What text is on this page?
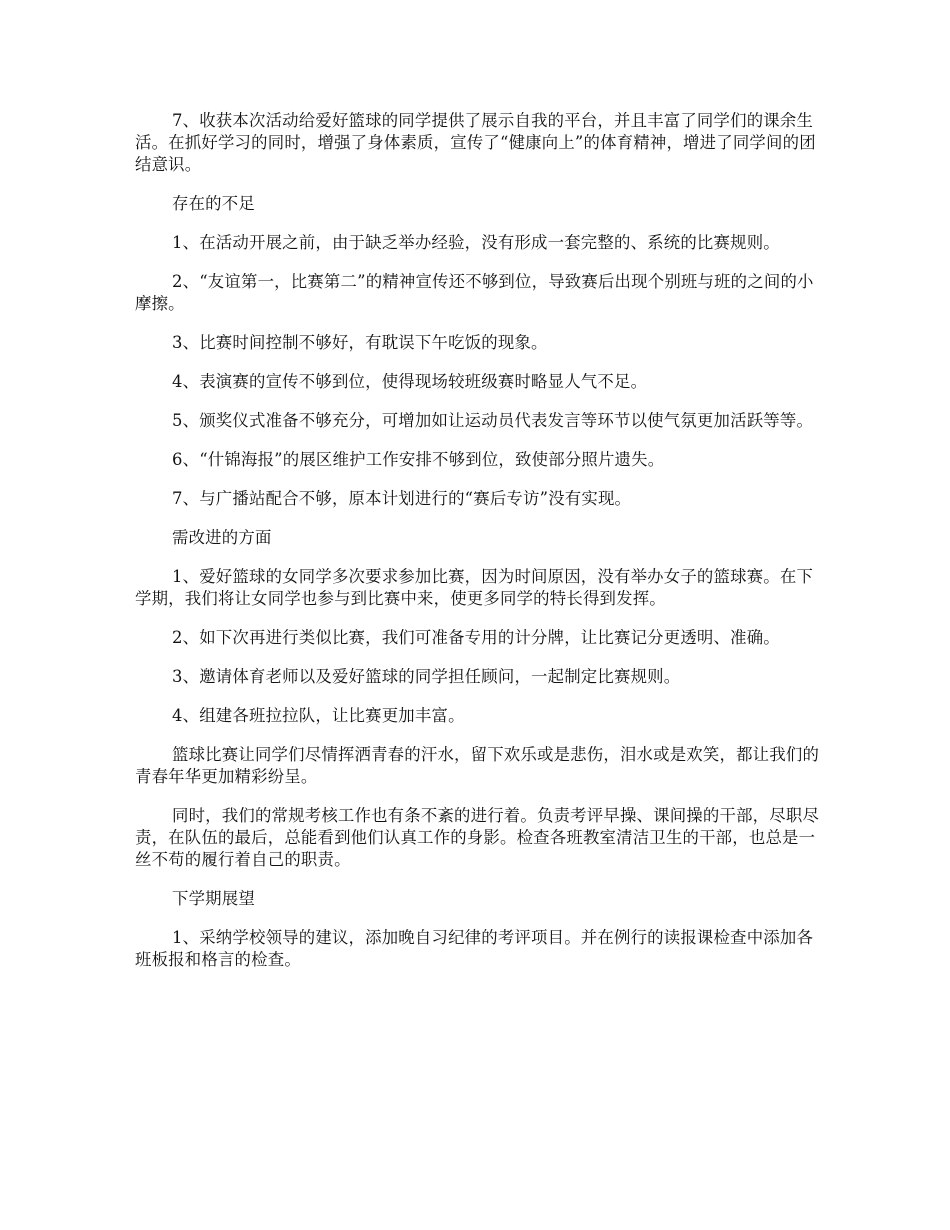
7、收获本次活动给爱好篮球的同学提供了展示自我的平台，并且丰富了同学们的课余生活。在抓好学习的同时，增强了身体素质，宣传了“健康向上”的体育精神，增进了同学间的团结意识。

存在的不足

1、在活动开展之前，由于缺乏举办经验，没有形成一套完整的、系统的比赛规则。

2、“友谊第一，比赛第二”的精神宣传还不够到位，导致赛后出现个别班与班的之间的小摩擦。

3、比赛时间控制不够好，有耽误下午吃饭的现象。

4、表演赛的宣传不够到位，使得现场较班级赛时略显人气不足。

5、颁奖仪式准备不够充分，可增加如让运动员代表发言等环节以使气氛更加活跃等等。

6、“什锦海报”的展区维护工作安排不够到位，致使部分照片遗失。

7、与广播站配合不够，原本计划进行的“赛后专访”没有实现。

需改进的方面

1、爱好篮球的女同学多次要求参加比赛，因为时间原因，没有举办女子的篮球赛。在下学期，我们将让女同学也参与到比赛中来，使更多同学的特长得到发挥。

2、如下次再进行类似比赛，我们可准备专用的计分牌，让比赛记分更透明、准确。

3、邀请体育老师以及爱好篮球的同学担任顾问，一起制定比赛规则。

4、组建各班拉拉队，让比赛更加丰富。

篮球比赛让同学们尽情挥洒青春的汗水，留下欢乐或是悲伤，泪水或是欢笑，都让我们的青春年华更加精彩纷呈。

同时，我们的常规考核工作也有条不紊的进行着。负责考评早操、课间操的干部，尽职尽责，在队伍的最后，总能看到他们认真工作的身影。检查各班教室清洁卫生的干部，也总是一丝不苟的履行着自己的职责。

下学期展望

1、采纳学校领导的建议，添加晚自习纪律的考评项目。并在例行的读报课检查中添加各班板报和格言的检查。
